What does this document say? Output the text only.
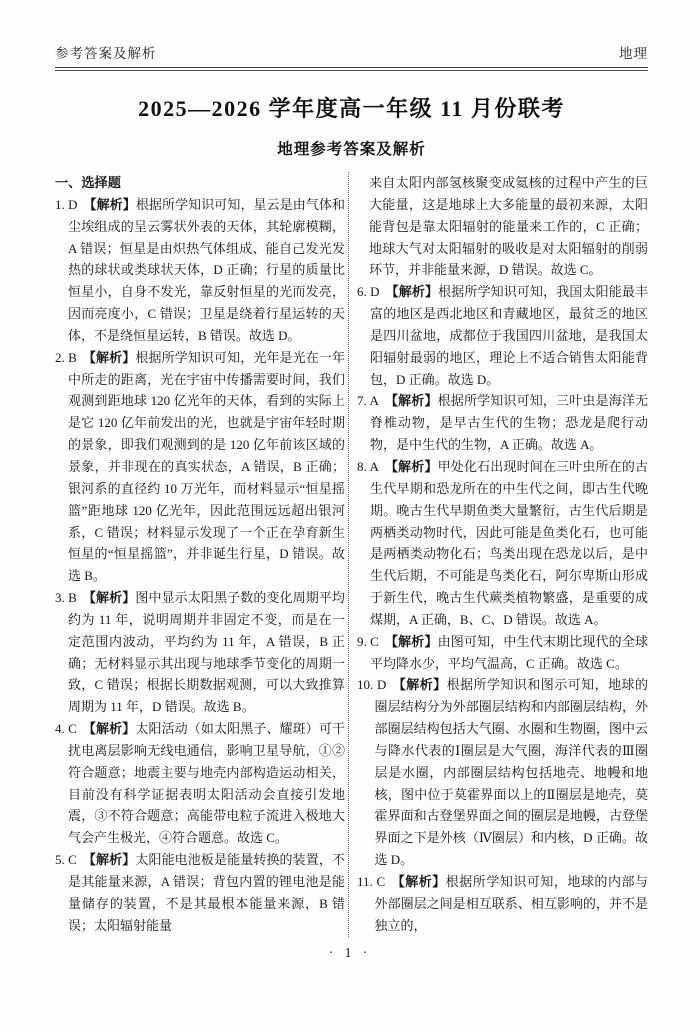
参考答案及解析	地理
2025—2026 学年度高一年级 11 月份联考
地理参考答案及解析
一、选择题
1. D 【解析】根据所学知识可知，星云是由气体和尘埃组成的呈云雾状外表的天体，其轮廓模糊，A 错误；恒星是由炽热气体组成、能自己发光发热的球状或类球状天体，D 正确；行星的质量比恒星小，自身不发光，靠反射恒星的光而发亮，因而亮度小，C 错误；卫星是绕着行星运转的天体，不是绕恒星运转，B 错误。故选 D。
2. B 【解析】根据所学知识可知，光年是光在一年中所走的距离，光在宇宙中传播需要时间，我们观测到距地球 120 亿光年的天体，看到的实际上是它 120 亿年前发出的光，也就是宇宙年轻时期的景象，即我们观测到的是 120 亿年前该区域的景象，并非现在的真实状态，A 错误，B 正确；银河系的直径约 10 万光年，而材料显示“恒星摇篮”距地球 120 亿光年，因此范围远远超出银河系，C 错误；材料显示发现了一个正在孕育新生恒星的“恒星摇篮”，并非诞生行星，D 错误。故选 B。
3. B 【解析】图中显示太阳黑子数的变化周期平均约为 11 年，说明周期并非固定不变，而是在一定范围内波动，平均约为 11 年，A 错误，B 正确；无材料显示其出现与地球季节变化的周期一致，C 错误；根据长期数据观测，可以大致推算周期为 11 年，D 错误。故选 B。
4. C 【解析】太阳活动（如太阳黑子、耀斑）可干扰电离层影响无线电通信，影响卫星导航，①②符合题意；地震主要与地壳内部构造运动相关，目前没有科学证据表明太阳活动会直接引发地震，③不符合题意；高能带电粒子流进入极地大气会产生极光，④符合题意。故选 C。
5. C 【解析】太阳能电池板是能量转换的装置，不是其能量来源，A 错误；背包内置的锂电池是能量储存的装置，不是其最根本能量来源，B 错误；太阳辐射能量
来自太阳内部氢核聚变成氦核的过程中产生的巨大能量，这是地球上大多能量的最初来源，太阳能背包是靠太阳辐射的能量来工作的，C 正确；地球大气对太阳辐射的吸收是对太阳辐射的削弱环节，并非能量来源，D 错误。故选 C。
6. D 【解析】根据所学知识可知，我国太阳能最丰富的地区是西北地区和青藏地区，最贫乏的地区是四川盆地，成都位于我国四川盆地，是我国太阳辐射最弱的地区，理论上不适合销售太阳能背包，D 正确。故选 D。
7. A 【解析】根据所学知识可知，三叶虫是海洋无脊椎动物，是早古生代的生物；恐龙是爬行动物，是中生代的生物，A 正确。故选 A。
8. A 【解析】甲处化石出现时间在三叶虫所在的古生代早期和恐龙所在的中生代之间，即古生代晚期。晚古生代早期鱼类大量繁衍，古生代后期是两栖类动物时代，因此可能是鱼类化石，也可能是两栖类动物化石；鸟类出现在恐龙以后，是中生代后期，不可能是鸟类化石，阿尔卑斯山形成于新生代，晚古生代蕨类植物繁盛，是重要的成煤期，A 正确，B、C、D 错误。故选 A。
9. C 【解析】由图可知，中生代末期比现代的全球平均降水少，平均气温高，C 正确。故选 C。
10. D 【解析】根据所学知识和图示可知，地球的圈层结构分为外部圈层结构和内部圈层结构，外部圈层结构包括大气圈、水圈和生物圈，图中云与降水代表的Ⅰ圈层是大气圈，海洋代表的Ⅲ圈层是水圈，内部圈层结构包括地壳、地幔和地核，图中位于莫霍界面以上的Ⅱ圈层是地壳，莫霍界面和古登堡界面之间的圈层是地幔，古登堡界面之下是外核（Ⅳ圈层）和内核，D 正确。故选 D。
11. C 【解析】根据所学知识可知，地球的内部与外部圈层之间是相互联系、相互影响的，并不是独立的，
· 1 ·
